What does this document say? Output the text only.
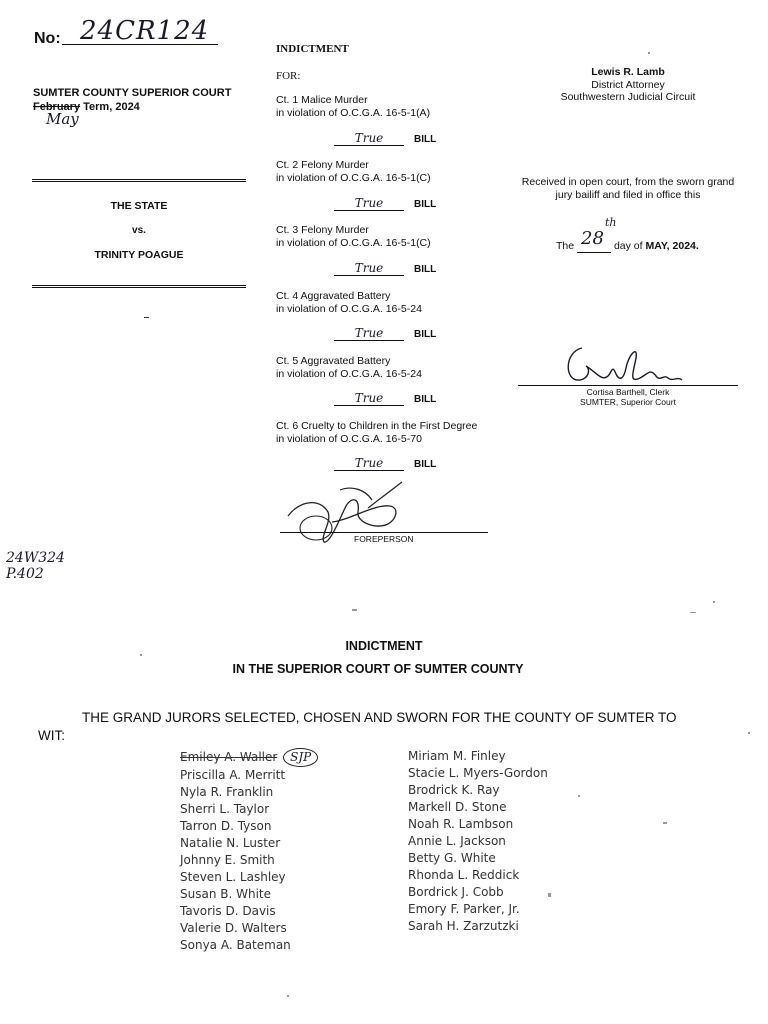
No: 24CR124
SUMTER COUNTY SUPERIOR COURT
February Term, 2024
May
THE STATE
vs.
TRINITY POAGUE
INDICTMENT
FOR:
Ct. 1 Malice Murder
in violation of O.C.G.A. 16-5-1(A)
True	BILL
Ct. 2 Felony Murder
in violation of O.C.G.A. 16-5-1(C)
True	BILL
Ct. 3 Felony Murder
in violation of O.C.G.A. 16-5-1(C)
True	BILL
Ct. 4 Aggravated Battery
in violation of O.C.G.A. 16-5-24
True	BILL
Ct. 5 Aggravated Battery
in violation of O.C.G.A. 16-5-24
True	BILL
Ct. 6 Cruelty to Children in the First Degree
in violation of O.C.G.A. 16-5-70
True	BILL
FOREPERSON
Lewis R. Lamb
District Attorney
Southwestern Judicial Circuit
Received in open court, from the sworn grand jury bailiff and filed in office this
The 28
th
day of MAY, 2024.
Cortisa Barthell, Clerk
SUMTER, Superior Court
24W324
P.402
INDICTMENT
IN THE SUPERIOR COURT OF SUMTER COUNTY
THE GRAND JURORS SELECTED, CHOSEN AND SWORN FOR THE COUNTY OF SUMTER TO
WIT:
Emiley A. Waller SJP
Priscilla A. Merritt
Nyla R. Franklin
Sherri L. Taylor
Tarron D. Tyson
Natalie N. Luster
Johnny E. Smith
Steven L. Lashley
Susan B. White
Tavoris D. Davis
Valerie D. Walters
Sonya A. Bateman
Miriam M. Finley
Stacie L. Myers-Gordon
Brodrick K. Ray
Markell D. Stone
Noah R. Lambson
Annie L. Jackson
Betty G. White
Rhonda L. Reddick
Bordrick J. Cobb
Emory F. Parker, Jr.
Sarah H. Zarzutzki
